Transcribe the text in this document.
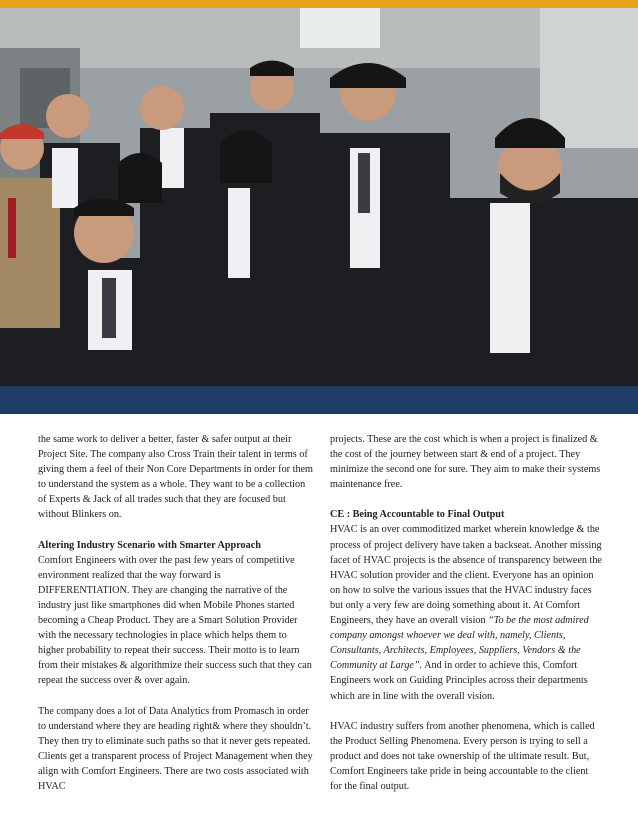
the same work to deliver a better, faster & safer output at their Project Site. The company also Cross Train their talent in terms of giving them a feel of their Non Core Departments in order for them to understand the system as a whole. They want to be a collection of Experts & Jack of all trades such that they are focused but without Blinkers on.

Altering Industry Scenario with Smarter Approach

Comfort Engineers with over the past few years of competitive environment realized that the way forward is DIFFERENTIATION. They are changing the narrative of the industry just like smartphones did when Mobile Phones started becoming a Cheap Product. They are a Smart Solution Provider with the necessary technologies in place which helps them to higher probability to repeat their success. Their motto is to learn from their mistakes & algorithmize their success such that they can repeat the success over & over again.

The company does a lot of Data Analytics from Promasch in order to understand where they are heading right& where they shouldn’t. They then try to eliminate such paths so that it never gets repeated. Clients get a transparent process of Project Management when they align with Comfort Engineers. There are two costs associated with HVAC

projects. These are the cost which is when a project is finalized & the cost of the journey between start & end of a project. They minimize the second one for sure. They aim to make their systems maintenance free.

CE : Being Accountable to Final Output

HVAC is an over commoditized market wherein knowledge & the process of project delivery have taken a backseat. Another missing facet of HVAC projects is the absence of transparency between the HVAC solution provider and the client. Everyone has an opinion on how to solve the various issues that the HVAC industry faces but only a very few are doing something about it. At Comfort Engineers, they have an overall vision “To be the most admired company amongst whoever we deal with, namely, Clients, Consultants, Architects, Employees, Suppliers, Vendors & the Community at Large”. And in order to achieve this, Comfort Engineers work on Guiding Principles across their departments which are in line with the overall vision.

HVAC industry suffers from another phenomena, which is called the Product Selling Phenomena. Every person is trying to sell a product and does not take ownership of the ultimate result. But, Comfort Engineers take pride in being accountable to the client for the final output.
